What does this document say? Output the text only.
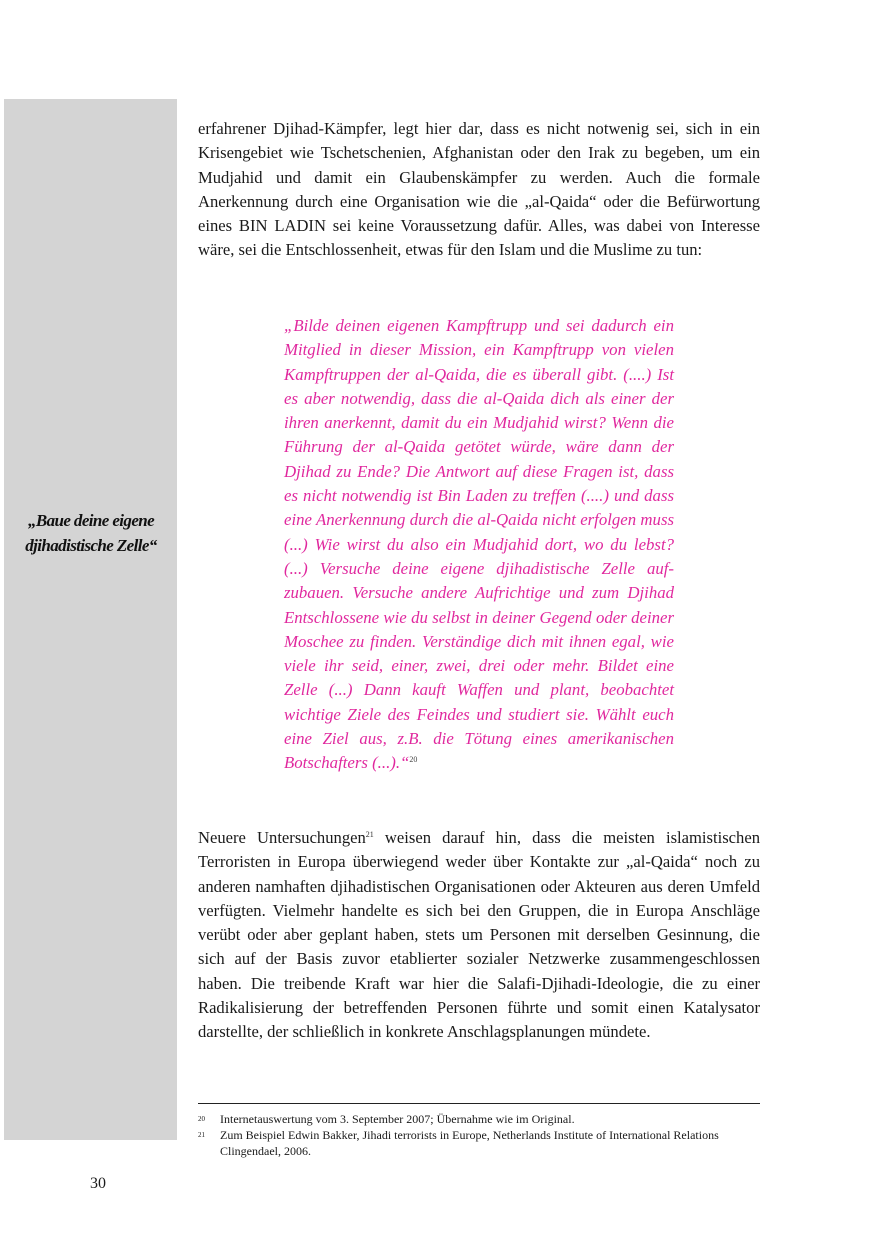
„Baue deine eigene djihadistische Zelle“

erfahrener Djihad-Kämpfer, legt hier dar, dass es nicht notwenig sei, sich in ein Krisengebiet wie Tschetschenien, Afghanistan oder den Irak zu begeben, um ein Mudjahid und damit ein Glaubenskämpfer zu werden. Auch die formale Anerkennung durch eine Organisation wie die „al-Qaida“ oder die Befürwortung eines BIN LADIN sei keine Voraussetzung dafür. Alles, was dabei von Interesse wäre, sei die Entschlossenheit, etwas für den Islam und die Muslime zu tun:

„Bilde deinen eigenen Kampftrupp und sei dadurch ein Mitglied in dieser Mission, ein Kampftrupp von vielen Kampftruppen der al-Qaida, die es überall gibt. (....) Ist es aber notwendig, dass die al-Qaida dich als einer der ihren anerkennt, damit du ein Mudjahid wirst? Wenn die Führung der al-Qaida getötet würde, wäre dann der Djihad zu Ende? Die Antwort auf diese Fragen ist, dass es nicht notwendig ist Bin Laden zu treffen (....) und dass eine Anerkennung durch die al-Qaida nicht erfolgen muss (...) Wie wirst du also ein Mudjahid dort, wo du lebst? (...) Versuche deine eigene djihadistische Zelle aufzubauen. Versuche andere Aufrichtige und zum Djihad Entschlossene wie du selbst in deiner Gegend oder deiner Moschee zu finden. Verständige dich mit ihnen egal, wie viele ihr seid, einer, zwei, drei oder mehr. Bildet eine Zelle (...) Dann kauft Waffen und plant, beobachtet wichtige Ziele des Feindes und studiert sie. Wählt euch eine Ziel aus, z.B. die Tötung eines amerikanischen Botschafters (...).“$^{20}$

Neuere Untersuchungen$^{21}$ weisen darauf hin, dass die meisten islamistischen Terroristen in Europa überwiegend weder über Kontakte zur „al-Qaida“ noch zu anderen namhaften djihadistischen Organisationen oder Akteuren aus deren Umfeld verfügten. Vielmehr handelte es sich bei den Gruppen, die in Europa Anschläge verübt oder aber geplant haben, stets um Personen mit derselben Gesinnung, die sich auf der Basis zuvor etablierter sozialer Netzwerke zusammengeschlossen haben. Die treibende Kraft war hier die Salafi-Djihadi-Ideologie, die zu einer Radikalisierung der betreffenden Personen führte und somit einen Katalysator darstellte, der schließlich in konkrete Anschlagsplanungen mündete.

20 Internetauswertung vom 3. September 2007; Übernahme wie im Original.

21 Zum Beispiel Edwin Bakker, Jihadi terrorists in Europe, Netherlands Institute of International Relations Clingendael, 2006.

30
